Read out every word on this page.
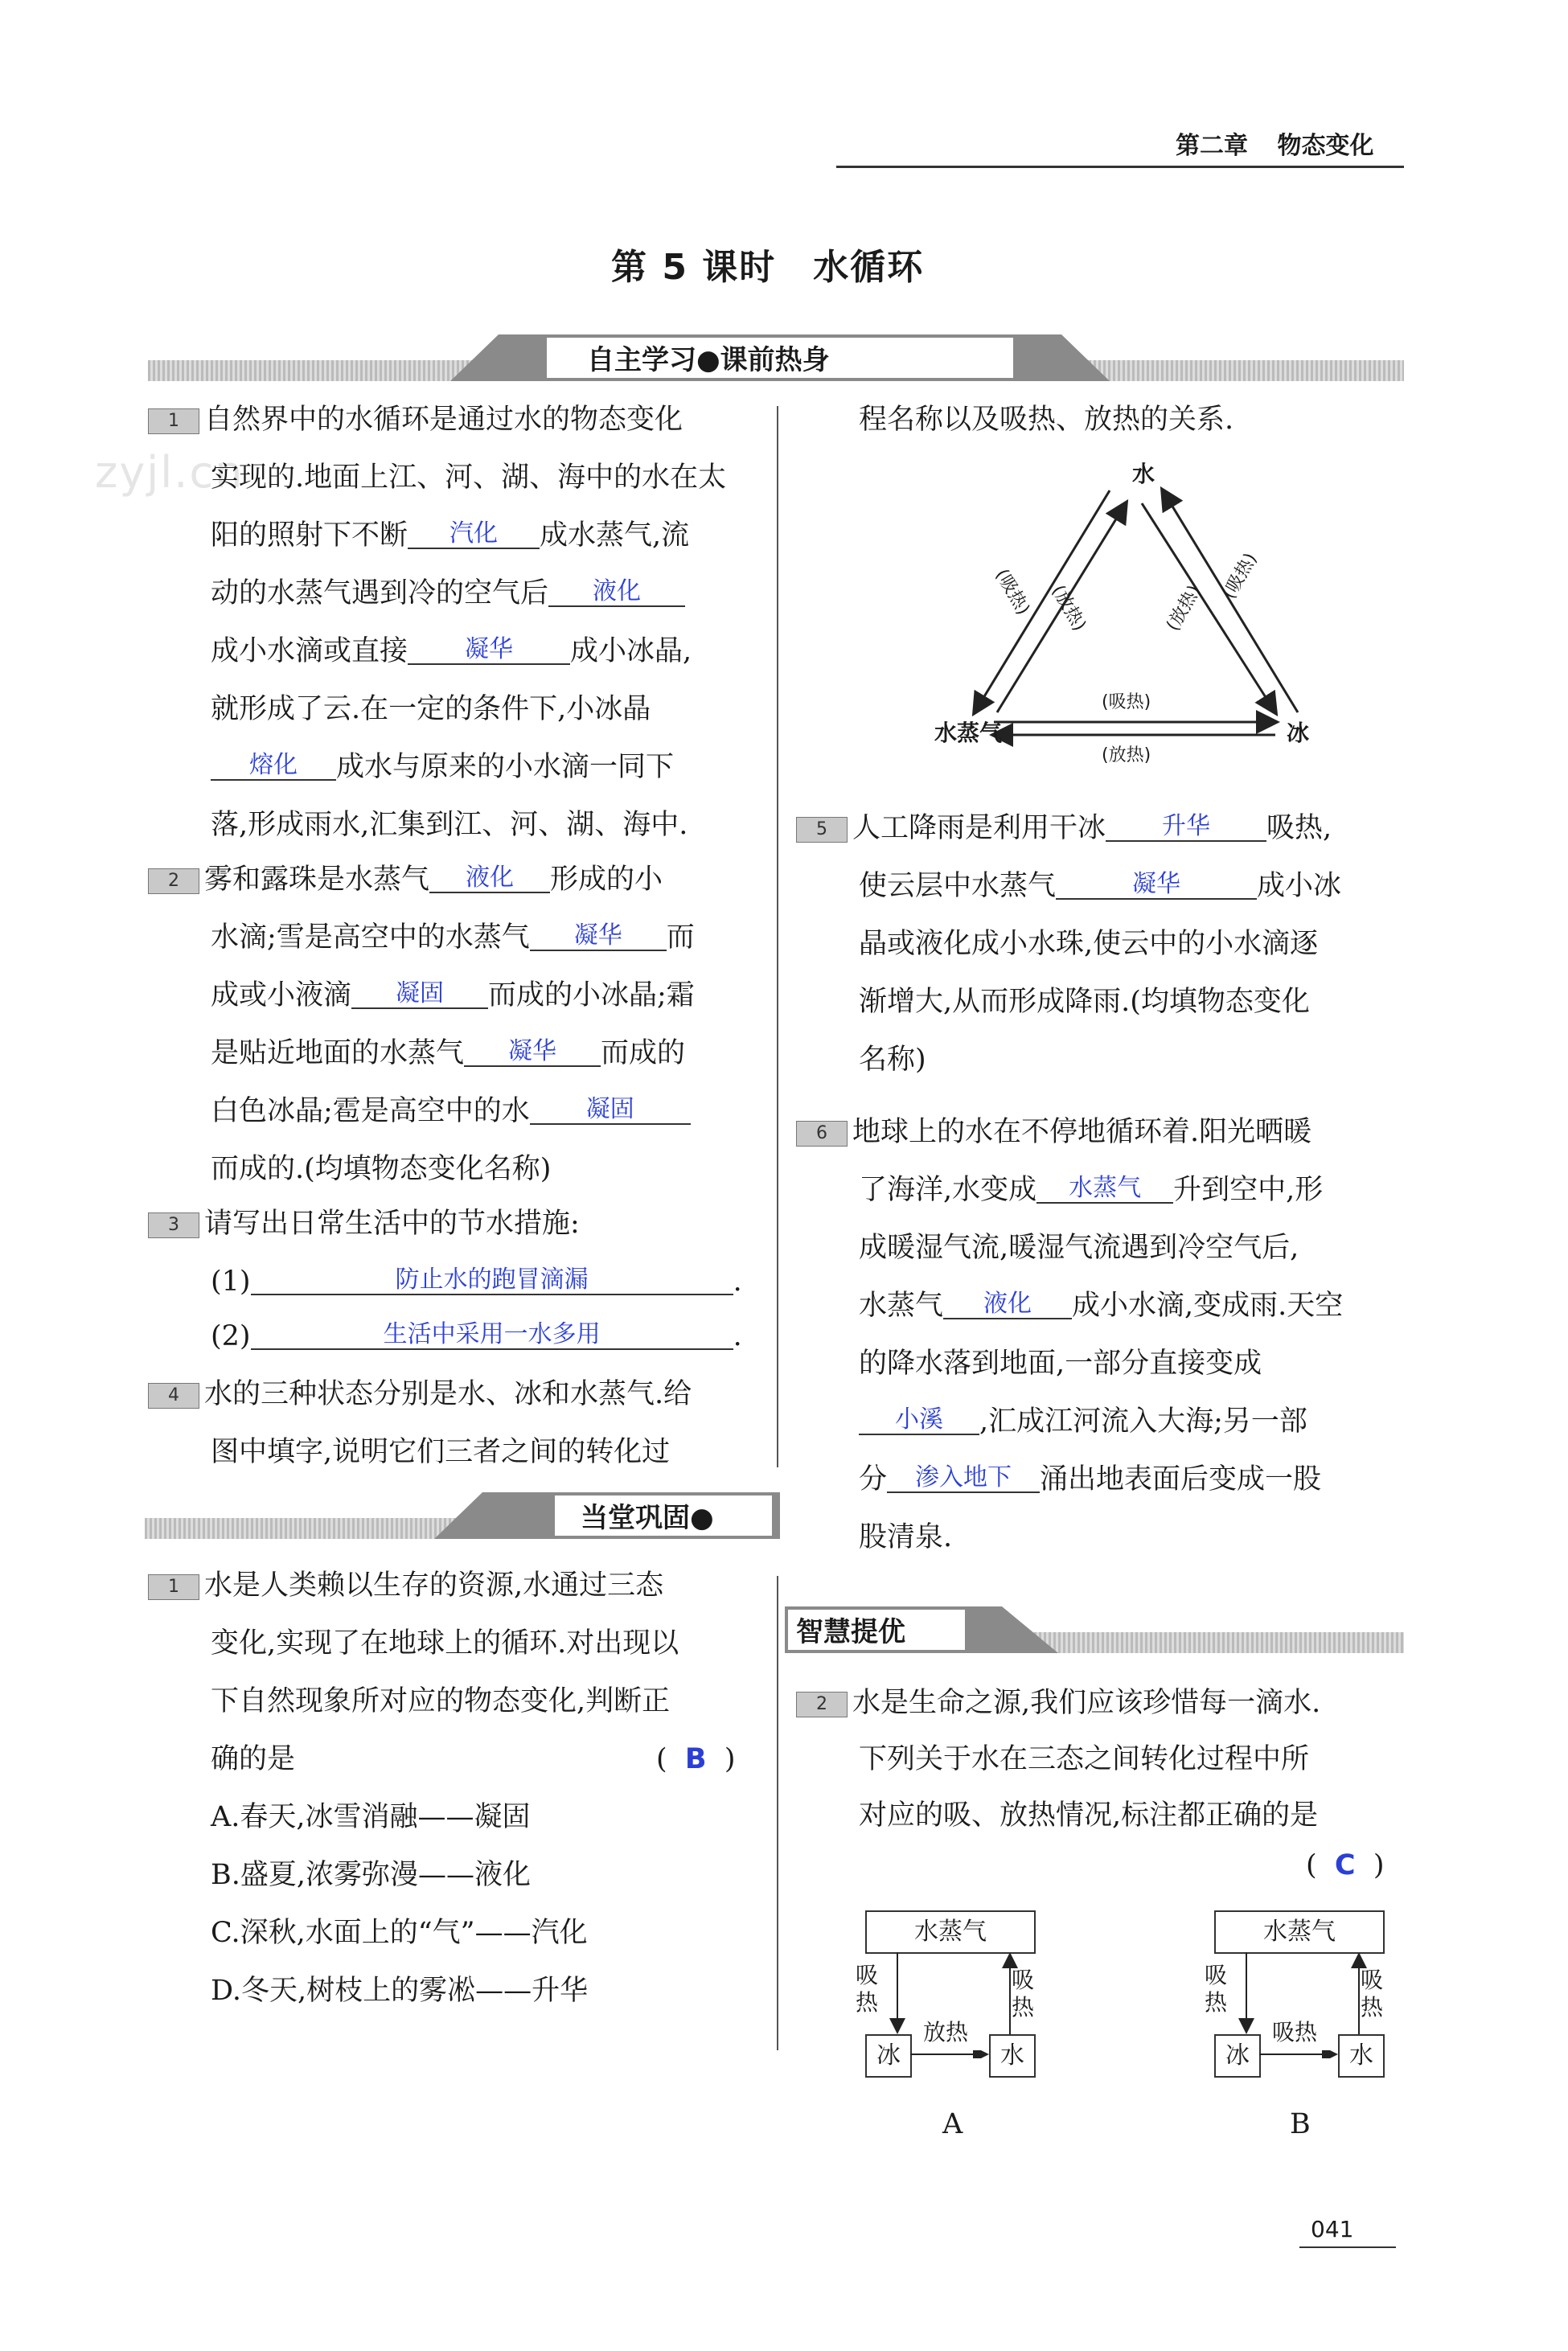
第二章 物态变化
第 5 课时　水循环
zyjl.cn
自主学习●课前热身
1 自然界中的水循环是通过水的物态变化
实现的.地面上江、河、湖、海中的水在太
阳的照射下不断 汽化 成水蒸气,流
动的水蒸气遇到冷的空气后 液化
成小水滴或直接 凝华 成小冰晶,
就形成了云.在一定的条件下,小冰晶
熔化 成水与原来的小水滴一同下
落,形成雨水,汇集到江、河、湖、海中.
2 雾和露珠是水蒸气 液化 形成的小
水滴;雪是高空中的水蒸气 凝华 而
成或小液滴 凝固 而成的小冰晶;霜
是贴近地面的水蒸气 凝华 而成的
白色冰晶;雹是高空中的水 凝固
而成的.(均填物态变化名称)
3 请写出日常生活中的节水措施:
(1)	防止水的跑冒滴漏	.
(2)	生活中采用一水多用	.
4 水的三种状态分别是水、冰和水蒸气.给
图中填字,说明它们三者之间的转化过
程名称以及吸热、放热的关系.
水
水蒸气	冰
(吸热) (放热)	(放热)
(吸热)
(吸热)
(放热)
5 人工降雨是利用干冰 升华 吸热,
使云层中水蒸气	凝华	成小冰
晶或液化成小水珠,使云中的小水滴逐
渐增大,从而形成降雨.(均填物态变化
名称)
6 地球上的水在不停地循环着.阳光晒暖
了海洋,水变成 水蒸气 升到空中,形
成暖湿气流,暖湿气流遇到冷空气后,
水蒸气 液化 成小水滴,变成雨.天空
的降水落到地面,一部分直接变成
小溪 ,汇成江河流入大海;另一部
分 渗入地下 涌出地表面后变成一股
股清泉.
当堂巩固●
1 水是人类赖以生存的资源,水通过三态
变化,实现了在地球上的循环.对出现以
下自然现象所对应的物态变化,判断正
确的是	(  B  )
A.春天,冰雪消融——凝固
B.盛夏,浓雾弥漫——液化
C.深秋,水面上的“气”——汽化
D.冬天,树枝上的雾凇——升华
智慧提优
2 水是生命之源,我们应该珍惜每一滴水.
下列关于水在三态之间转化过程中所
对应的吸、放热情况,标注都正确的是
(  C  )
水蒸气
冰	水
吸热
吸热
放热
A
水蒸气
冰	水
吸热
吸热
吸热
B
041
